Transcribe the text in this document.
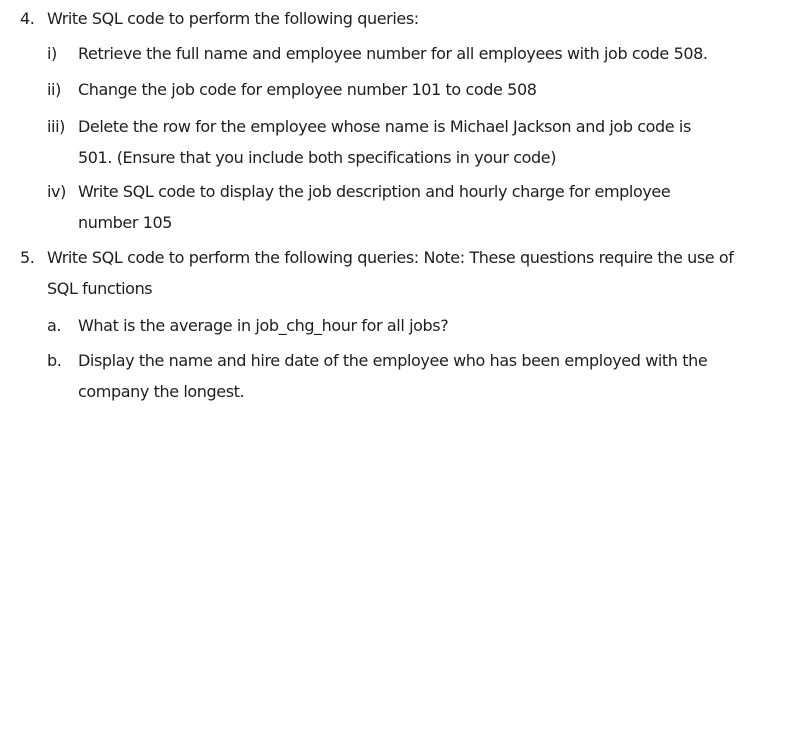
4. Write SQL code to perform the following queries:
i) Retrieve the full name and employee number for all employees with job code 508.
ii) Change the job code for employee number 101 to code 508
iii) Delete the row for the employee whose name is Michael Jackson and job code is
501. (Ensure that you include both specifications in your code)
iv) Write SQL code to display the job description and hourly charge for employee
number 105
5. Write SQL code to perform the following queries: Note: These questions require the use of
SQL functions
a. What is the average in job_chg_hour for all jobs?
b. Display the name and hire date of the employee who has been employed with the
company the longest.
